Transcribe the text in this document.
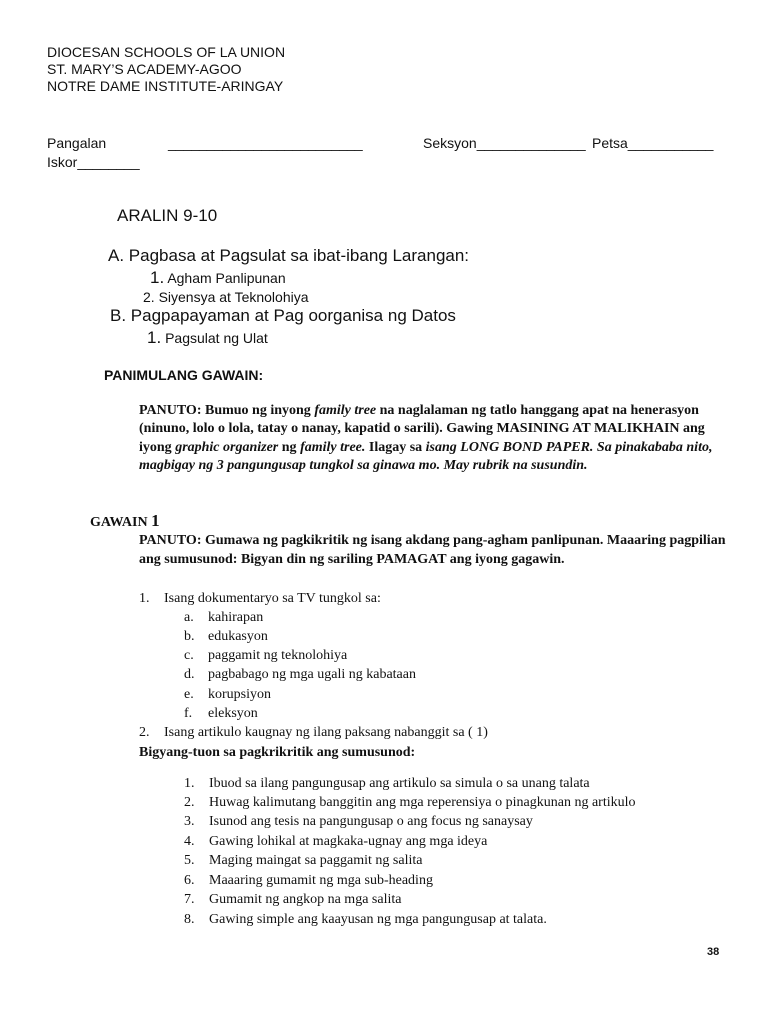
DIOCESAN SCHOOLS OF LA UNION
ST. MARY’S ACADEMY-AGOO
NOTRE DAME INSTITUTE-ARINGAY
Pangalan	_________________________	Seksyon______________ Petsa___________
Iskor________
ARALIN 9-10
A. Pagbasa at Pagsulat sa ibat-ibang Larangan:
1. Agham Panlipunan
2. Siyensya at Teknolohiya
B. Pagpapayaman at Pag oorganisa ng Datos
1. Pagsulat ng Ulat
PANIMULANG GAWAIN:

PANUTO: Bumuo ng inyong family tree na naglalaman ng tatlo hanggang apat na henerasyon (ninuno, lolo o lola, tatay o nanay, kapatid o sarili). Gawing MASINING AT MALIKHAIN ang iyong graphic organizer ng family tree. Ilagay sa isang LONG BOND PAPER. Sa pinakababa nito, magbigay ng 3 pangungusap tungkol sa ginawa mo. May rubrik na susundin.

GAWAIN 1

PANUTO: Gumawa ng pagkikritik ng isang akdang pang-agham panlipunan. Maaaring pagpilian ang sumusunod: Bigyan din ng sariling PAMAGAT ang iyong gagawin.

1. Isang dokumentaryo sa TV tungkol sa:
a. kahirapan
b. edukasyon
c. paggamit ng teknolohiya
d. pagbabago ng mga ugali ng kabataan
e. korupsiyon
f. eleksyon
2. Isang artikulo kaugnay ng ilang paksang nabanggit sa ( 1)
Bigyang-tuon sa pagkrikritik ang sumusunod:
1. Ibuod sa ilang pangungusap ang artikulo sa simula o sa unang talata
2. Huwag kalimutang banggitin ang mga reperensiya o pinagkunan ng artikulo
3. Isunod ang tesis na pangungusap o ang focus ng sanaysay
4. Gawing lohikal at magkaka-ugnay ang mga ideya
5. Maging maingat sa paggamit ng salita
6. Maaaring gumamit ng mga sub-heading
7. Gumamit ng angkop na mga salita
8. Gawing simple ang kaayusan ng mga pangungusap at talata.
38
